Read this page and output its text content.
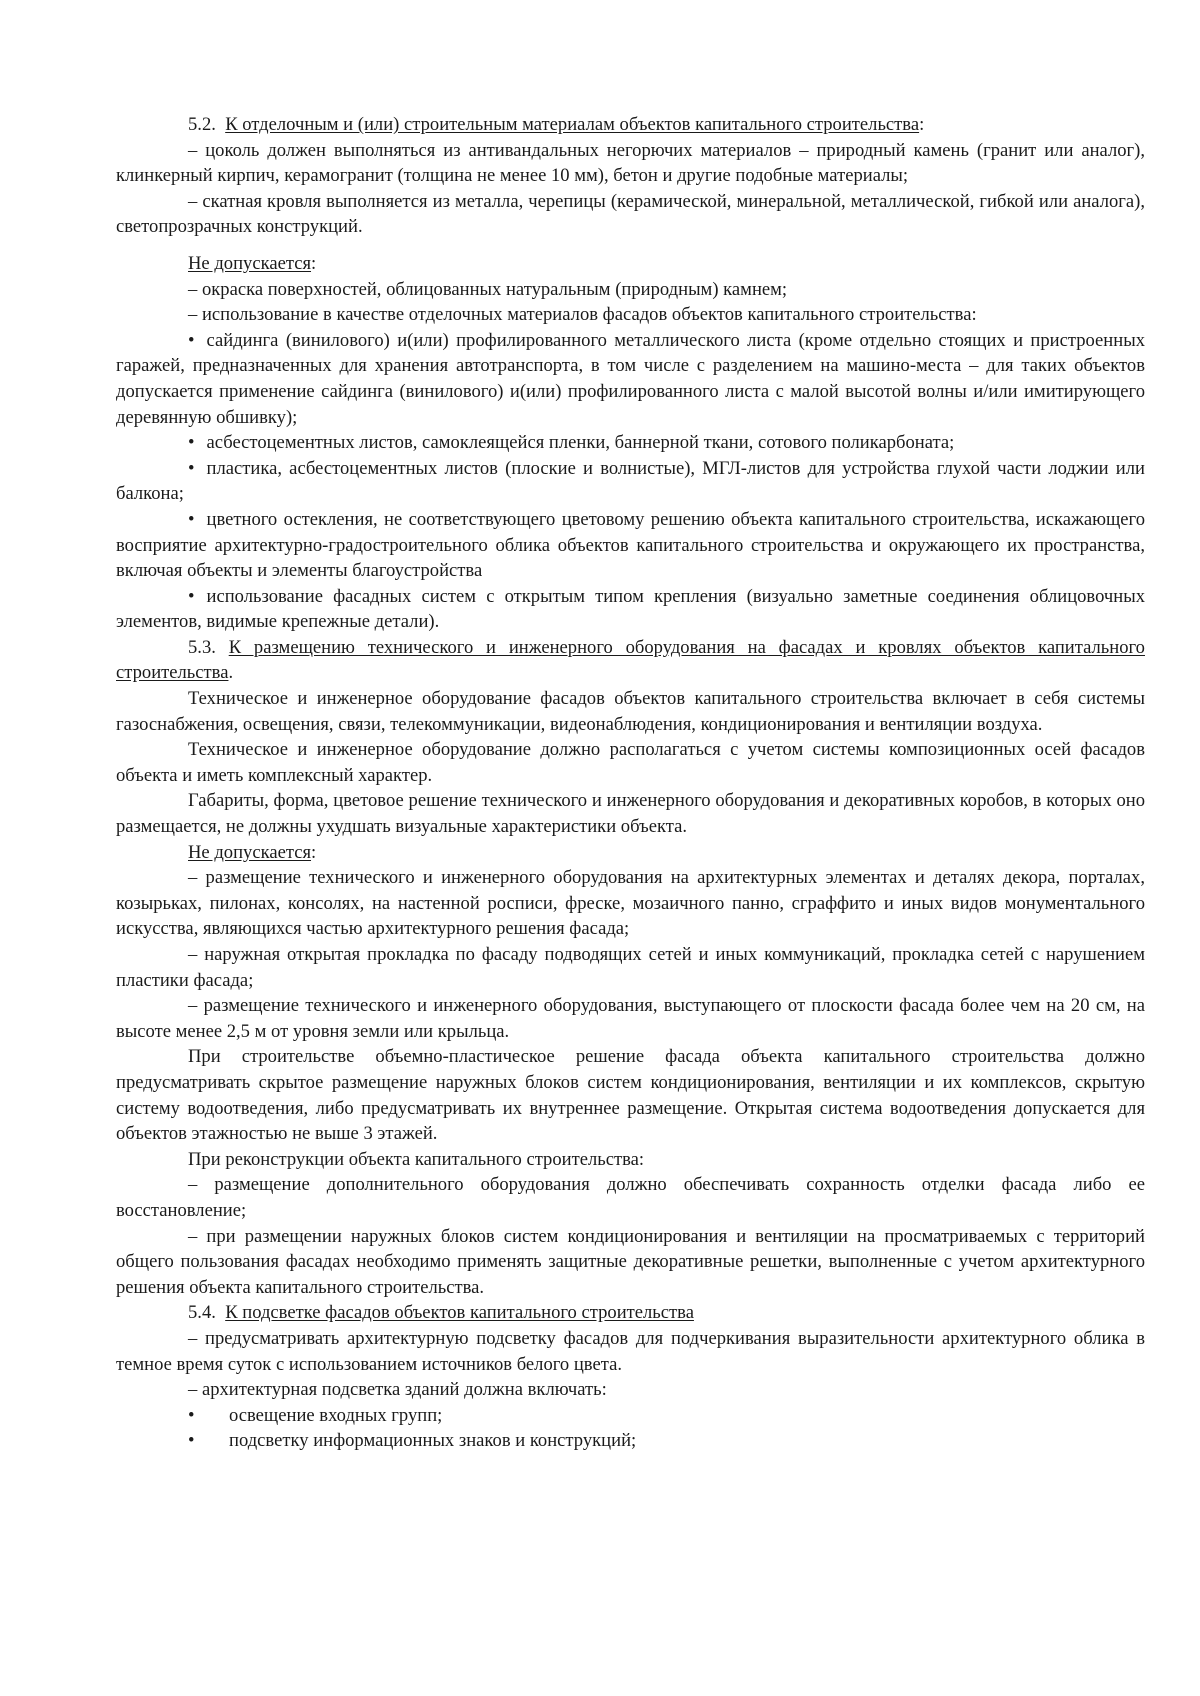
5.2. К отделочным и (или) строительным материалам объектов капитального строительства:

– цоколь должен выполняться из антивандальных негорючих материалов – природный камень (гранит или аналог), клинкерный кирпич, керамогранит (толщина не менее 10 мм), бетон и другие подобные материалы;

– скатная кровля выполняется из металла, черепицы (керамической, минеральной, металлической, гибкой или аналога), светопрозрачных конструкций.

Не допускается:

– окраска поверхностей, облицованных натуральным (природным) камнем;

– использование в качестве отделочных материалов фасадов объектов капитального строительства:

• сайдинга (винилового) и(или) профилированного металлического листа (кроме отдельно стоящих и пристроенных гаражей, предназначенных для хранения автотранспорта, в том числе с разделением на машино-места – для таких объектов допускается применение сайдинга (винилового) и(или) профилированного листа с малой высотой волны и/или имитирующего деревянную обшивку);

• асбестоцементных листов, самоклеящейся пленки, баннерной ткани, сотового поликарбоната;

• пластика, асбестоцементных листов (плоские и волнистые), МГЛ-листов для устройства глухой части лоджии или балкона;

• цветного остекления, не соответствующего цветовому решению объекта капитального строительства, искажающего восприятие архитектурно-градостроительного облика объектов капитального строительства и окружающего их пространства, включая объекты и элементы благоустройства

• использование фасадных систем с открытым типом крепления (визуально заметные соединения облицовочных элементов, видимые крепежные детали).

5.3. К размещению технического и инженерного оборудования на фасадах и кровлях объектов капитального строительства.

Техническое и инженерное оборудование фасадов объектов капитального строительства включает в себя системы газоснабжения, освещения, связи, телекоммуникации, видеонаблюдения, кондиционирования и вентиляции воздуха.

Техническое и инженерное оборудование должно располагаться с учетом системы композиционных осей фасадов объекта и иметь комплексный характер.

Габариты, форма, цветовое решение технического и инженерного оборудования и декоративных коробов, в которых оно размещается, не должны ухудшать визуальные характеристики объекта.

Не допускается:

– размещение технического и инженерного оборудования на архитектурных элементах и деталях декора, порталах, козырьках, пилонах, консолях, на настенной росписи, фреске, мозаичного панно, сграффито и иных видов монументального искусства, являющихся частью архитектурного решения фасада;

– наружная открытая прокладка по фасаду подводящих сетей и иных коммуникаций, прокладка сетей с нарушением пластики фасада;

– размещение технического и инженерного оборудования, выступающего от плоскости фасада более чем на 20 см, на высоте менее 2,5 м от уровня земли или крыльца.

При строительстве объемно-пластическое решение фасада объекта капитального строительства должно предусматривать скрытое размещение наружных блоков систем кондиционирования, вентиляции и их комплексов, скрытую систему водоотведения, либо предусматривать их внутреннее размещение. Открытая система водоотведения допускается для объектов этажностью не выше 3 этажей.

При реконструкции объекта капитального строительства:

– размещение дополнительного оборудования должно обеспечивать сохранность отделки фасада либо ее восстановление;

– при размещении наружных блоков систем кондиционирования и вентиляции на просматриваемых с территорий общего пользования фасадах необходимо применять защитные декоративные решетки, выполненные с учетом архитектурного решения объекта капитального строительства.

5.4. К подсветке фасадов объектов капитального строительства

– предусматривать архитектурную подсветку фасадов для подчеркивания выразительности архитектурного облика в темное время суток с использованием источников белого цвета.

– архитектурная подсветка зданий должна включать:

• освещение входных групп;

• подсветку информационных знаков и конструкций;
